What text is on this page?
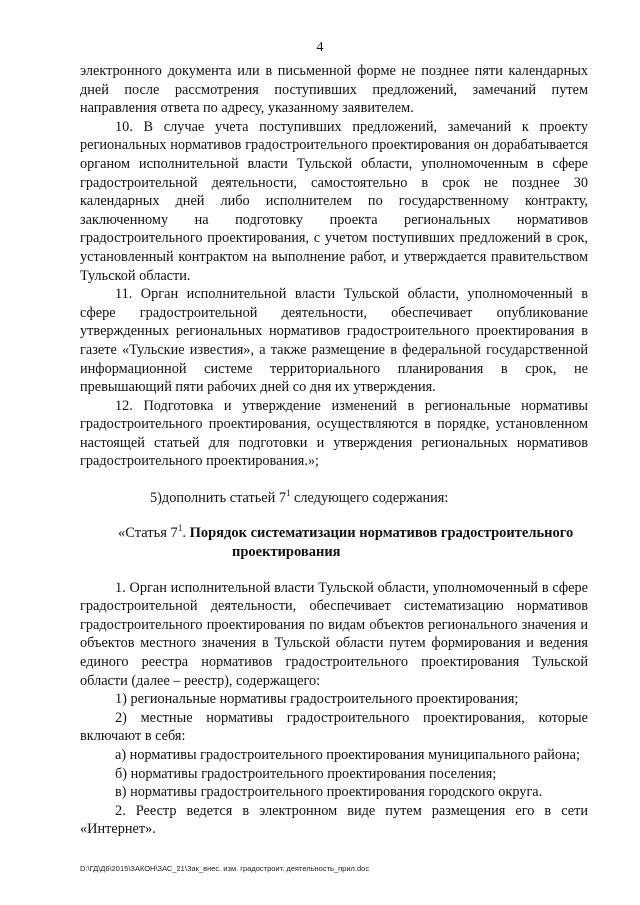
4

электронного документа или в письменной форме не позднее пяти календарных дней после рассмотрения поступивших предложений, замечаний путем направления ответа по адресу, указанному заявителем.

10. В случае учета поступивших предложений, замечаний к проекту региональных нормативов градостроительного проектирования он дорабатывается органом исполнительной власти Тульской области, уполномоченным в сфере градостроительной деятельности, самостоятельно в срок не позднее 30 календарных дней либо исполнителем по государственному контракту, заключенному на подготовку проекта региональных нормативов градостроительного проектирования, с учетом поступивших предложений в срок, установленный контрактом на выполнение работ, и утверждается правительством Тульской области.

11. Орган исполнительной власти Тульской области, уполномоченный в сфере градостроительной деятельности, обеспечивает опубликование утвержденных региональных нормативов градостроительного проектирования в газете «Тульские известия», а также размещение в федеральной государственной информационной системе территориального планирования в срок, не превышающий пяти рабочих дней со дня их утверждения.

12. Подготовка и утверждение изменений в региональные нормативы градостроительного проектирования, осуществляются в порядке, установленном настоящей статьей для подготовки и утверждения региональных нормативов градостроительного проектирования.»;

5)дополнить статьей $7^1$ следующего содержания:

«Статья $7^1$. Порядок систематизации нормативов градостроительного
проектирования

1. Орган исполнительной власти Тульской области, уполномоченный в сфере градостроительной деятельности, обеспечивает систематизацию нормативов градостроительного проектирования по видам объектов регионального значения и объектов местного значения в Тульской области путем формирования и ведения единого реестра нормативов градостроительного проектирования Тульской области (далее – реестр), содержащего:

1) региональные нормативы градостроительного проектирования;

2) местные нормативы градостроительного проектирования, которые включают в себя:

а) нормативы градостроительного проектирования муниципального района;

б) нормативы градостроительного проектирования поселения;

в) нормативы градостроительного проектирования городского округа.

2. Реестр ведется в электронном виде путем размещения его в сети «Интернет».

D:\ГД\Д6\2015\ЗАКОН\ЗАС_21\Зак_внес. изм. градостроит. деятельность_прил.doc
